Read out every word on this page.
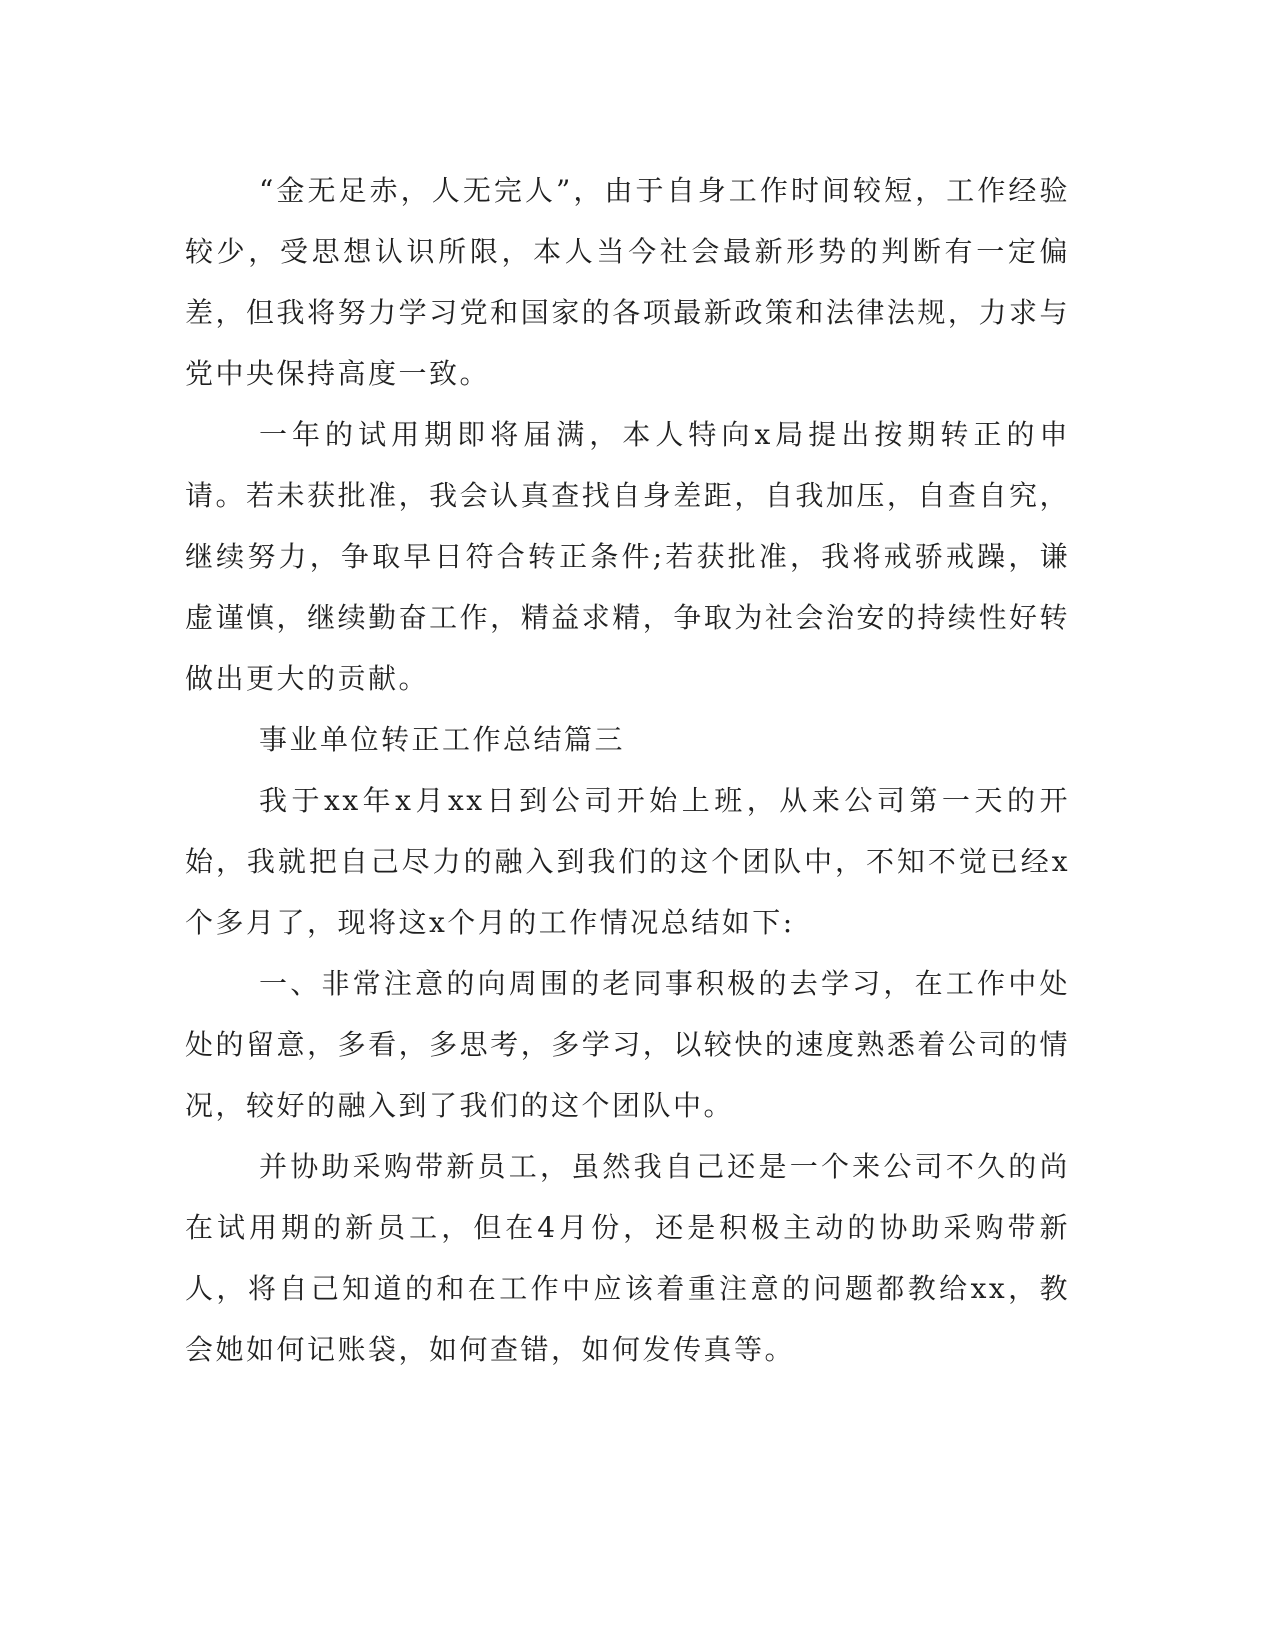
“金无足赤，人无完人”，由于自身工作时间较短，工作经验较少，受思想认识所限，本人当今社会最新形势的判断有一定偏差，但我将努力学习党和国家的各项最新政策和法律法规，力求与党中央保持高度一致。

一年的试用期即将届满，本人特向x局提出按期转正的申请。若未获批准，我会认真查找自身差距，自我加压，自查自究，继续努力，争取早日符合转正条件;若获批准，我将戒骄戒躁，谦虚谨慎，继续勤奋工作，精益求精，争取为社会治安的持续性好转做出更大的贡献。

事业单位转正工作总结篇三

我于xx年x月xx日到公司开始上班，从来公司第一天的开始，我就把自己尽力的融入到我们的这个团队中，不知不觉已经x个多月了，现将这x个月的工作情况总结如下:

一、非常注意的向周围的老同事积极的去学习，在工作中处处的留意，多看，多思考，多学习，以较快的速度熟悉着公司的情况，较好的融入到了我们的这个团队中。

并协助采购带新员工，虽然我自己还是一个来公司不久的尚在试用期的新员工，但在4月份，还是积极主动的协助采购带新人，将自己知道的和在工作中应该着重注意的问题都教给xx，教会她如何记账袋，如何查错，如何发传真等。
